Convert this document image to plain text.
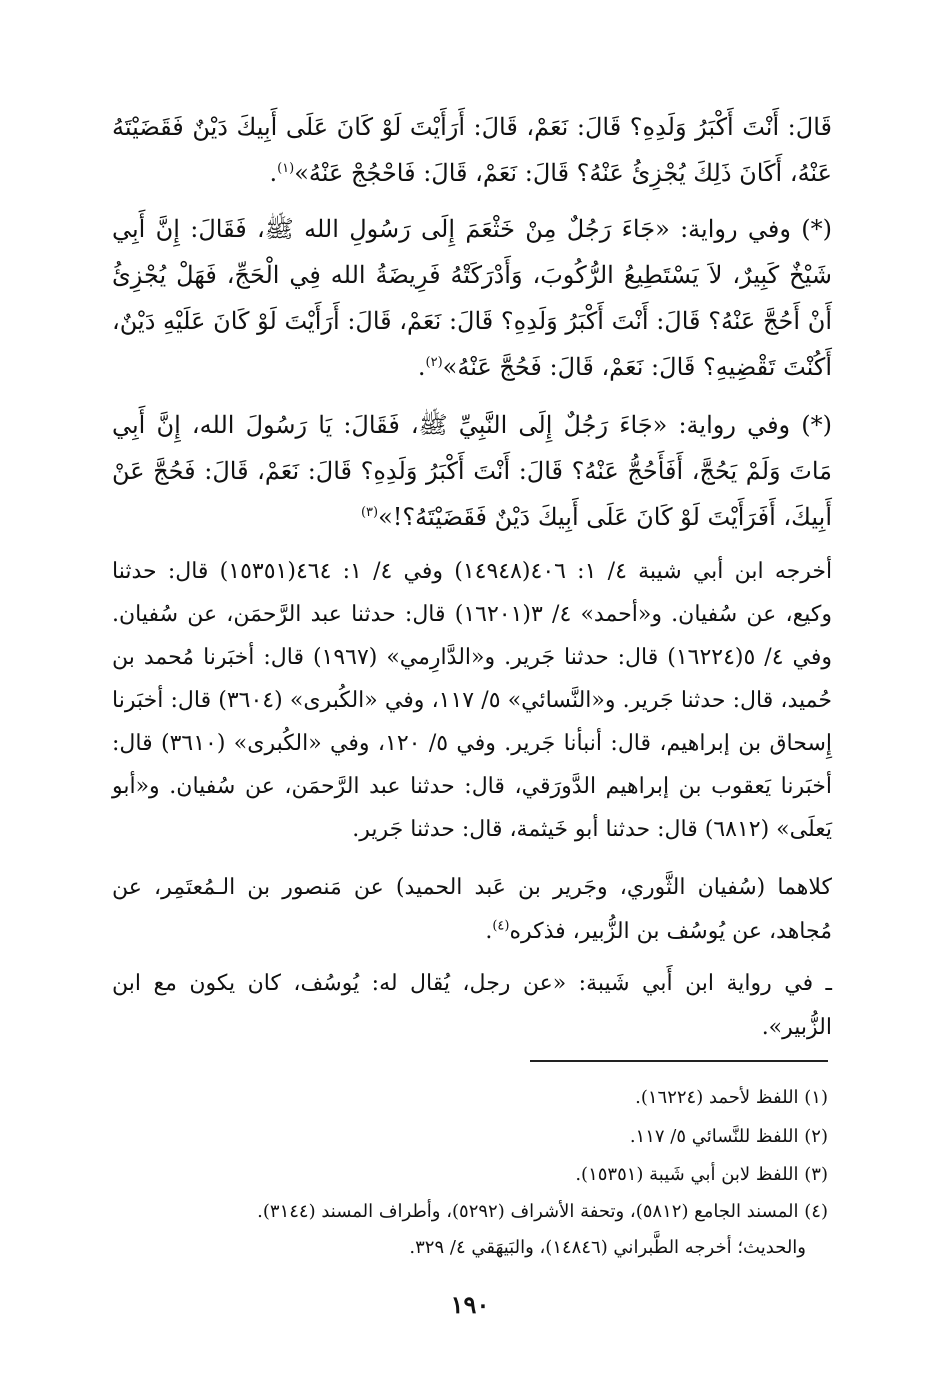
قَالَ: أَنْتَ أَكْبَرُ وَلَدِهِ؟ قَالَ: نَعَمْ، قَالَ: أَرَأَيْتَ لَوْ كَانَ عَلَى أَبِيكَ دَيْنٌ فَقَضَيْتَهُ عَنْهُ، أَكَانَ ذَلِكَ يُجْزِئُ عَنْهُ؟ قَالَ: نَعَمْ، قَالَ: فَاحْجُجْ عَنْهُ»$^{(١)}$.

(*) وفي رواية: «جَاءَ رَجُلٌ مِنْ خَثْعَمَ إِلَى رَسُولِ الله ﷺ، فَقَالَ: إِنَّ أَبِي شَيْخٌ كَبِيرٌ، لاَ يَسْتَطِيعُ الرُّكُوبَ، وَأَدْرَكَتْهُ فَرِيضَةُ الله فِي الْحَجِّ، فَهَلْ يُجْزِئُ أَنْ أَحُجَّ عَنْهُ؟ قَالَ: أَنْتَ أَكْبَرُ وَلَدِهِ؟ قَالَ: نَعَمْ، قَالَ: أَرَأَيْتَ لَوْ كَانَ عَلَيْهِ دَيْنٌ، أَكُنْتَ تَقْضِيهِ؟ قَالَ: نَعَمْ، قَالَ: فَحُجَّ عَنْهُ»$^{(٢)}$.

(*) وفي رواية: «جَاءَ رَجُلٌ إِلَى النَّبِيِّ ﷺ، فَقَالَ: يَا رَسُولَ الله، إِنَّ أَبِي مَاتَ وَلَمْ يَحُجَّ، أَفَأَحُجُّ عَنْهُ؟ قَالَ: أَنْتَ أَكْبَرُ وَلَدِهِ؟ قَالَ: نَعَمْ، قَالَ: فَحُجَّ عَنْ أَبِيكَ، أَفَرَأَيْتَ لَوْ كَانَ عَلَى أَبِيكَ دَيْنٌ فَقَضَيْتَهُ؟!»$^{(٣)}$

أخرجه ابن أبي شيبة ٤/ ١: ٤٠٦(١٤٩٤٨) وفي ٤/ ١: ٤٦٤(١٥٣٥١) قال: حدثنا وكيع، عن سُفيان. و«أحمد» ٤/ ٣(١٦٢٠١) قال: حدثنا عبد الرَّحمَن، عن سُفيان. وفي ٤/ ٥(١٦٢٢٤) قال: حدثنا جَرير. و«الدَّارِمي» (١٩٦٧) قال: أخبَرنا مُحمد بن حُميد، قال: حدثنا جَرير. و«النَّسائي» ٥/ ١١٧، وفي «الكُبرى» (٣٦٠٤) قال: أخبَرنا إِسحاق بن إبراهيم، قال: أنبأنا جَرير. وفي ٥/ ١٢٠، وفي «الكُبرى» (٣٦١٠) قال: أخبَرنا يَعقوب بن إبراهيم الدَّورَقي، قال: حدثنا عبد الرَّحمَن، عن سُفيان. و«أبو يَعلَى» (٦٨١٢) قال: حدثنا أبو خَيثمة، قال: حدثنا جَرير.

كلاهما (سُفيان الثَّوري، وجَرير بن عَبد الحميد) عن مَنصور بن الـمُعتَمِر، عن مُجاهد، عن يُوسُف بن الزُّبير، فذكره$^{(٤)}$.

ـ في رواية ابن أَبي شَيبة: «عن رجل، يُقال له: يُوسُف، كان يكون مع ابن الزُّبير».

(١) اللفظ لأحمد (١٦٢٢٤).

(٢) اللفظ للنَّسائي ٥/ ١١٧.

(٣) اللفظ لابن أبي شَيبة (١٥٣٥١).

(٤) المسند الجامع (٥٨١٢)، وتحفة الأشراف (٥٢٩٢)، وأطراف المسند (٣١٤٤).

والحديث؛ أخرجه الطَّبراني (١٤٨٤٦)، والبَيهَقي ٤/ ٣٢٩.

١٩٠
